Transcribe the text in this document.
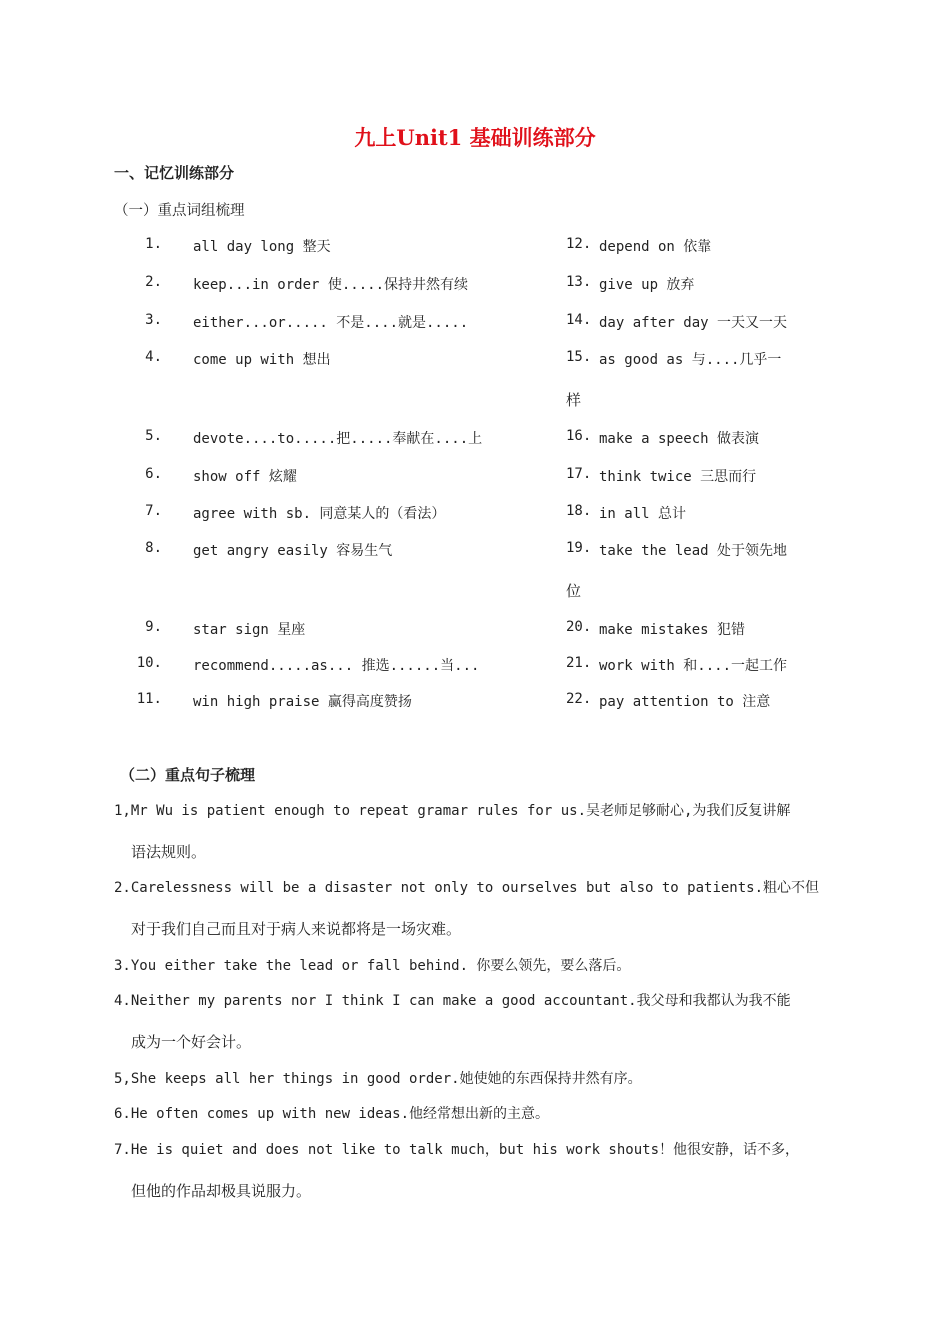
九上Unit1 基础训练部分
一、记忆训练部分
（一）重点词组梳理
1. all day long 整天
2. keep...in order 使.....保持井然有续
3. either...or..... 不是....就是.....
4. come up with 想出
5. devote....to.....把.....奉献在....上
6. show off 炫耀
7. agree with sb. 同意某人的（看法）
8. get angry easily 容易生气
9. star sign 星座
10. recommend.....as... 推选......当...
11. win high praise 赢得高度赞扬
12. depend on 依靠
13. give up 放弃
14. day after day 一天又一天
15. as good as 与....几乎一
样
16. make a speech 做表演
17. think twice 三思而行
18. in all 总计
19. take the lead 处于领先地
位
20. make mistakes 犯错
21. work with 和....一起工作
22. pay attention to 注意
（二）重点句子梳理
1,Mr Wu is patient enough to repeat gramar rules for us.吴老师足够耐心,为我们反复讲解
语法规则。
2.Carelessness will be a disaster not only to ourselves but also to patients.粗心不但
对于我们自己而且对于病人来说都将是一场灾难。
3.You either take the lead or fall behind. 你要么领先，要么落后。
4.Neither my parents nor I think I can make a good accountant.我父母和我都认为我不能
成为一个好会计。
5,She keeps all her things in good order.她使她的东西保持井然有序。
6.He often comes up with new ideas.他经常想出新的主意。
7.He is quiet and does not like to talk much，but his work shouts！他很安静，话不多，
但他的作品却极具说服力。
